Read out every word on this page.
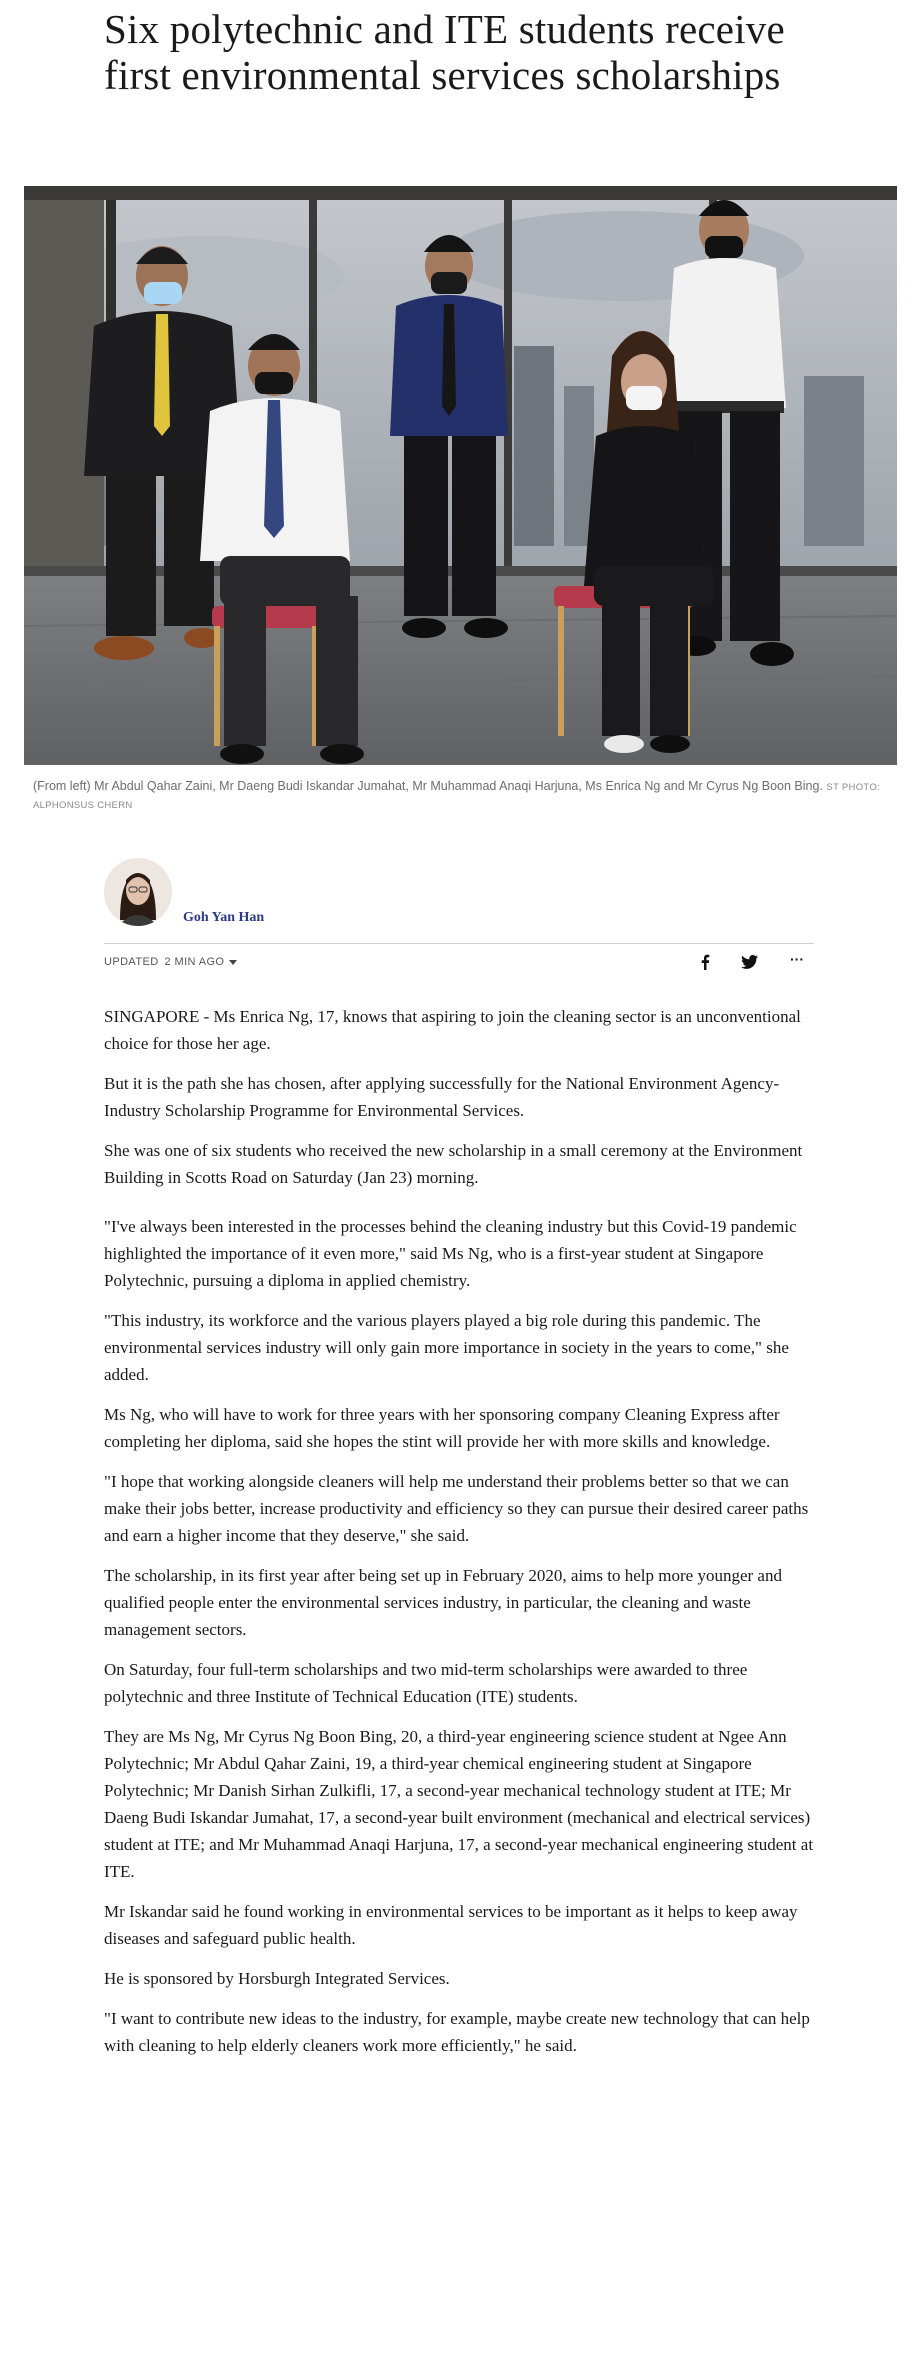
Six polytechnic and ITE students receive first environmental services scholarships
(From left) Mr Abdul Qahar Zaini, Mr Daeng Budi Iskandar Jumahat, Mr Muhammad Anaqi Harjuna, Ms Enrica Ng and Mr Cyrus Ng Boon Bing. ST PHOTO: ALPHONSUS CHERN
Goh Yan Han
UPDATED 2 MIN AGO	···

SINGAPORE - Ms Enrica Ng, 17, knows that aspiring to join the cleaning sector is an unconventional choice for those her age.

But it is the path she has chosen, after applying successfully for the National Environment Agency-Industry Scholarship Programme for Environmental Services.

She was one of six students who received the new scholarship in a small ceremony at the Environment Building in Scotts Road on Saturday (Jan 23) morning.

"I've always been interested in the processes behind the cleaning industry but this Covid-19 pandemic highlighted the importance of it even more," said Ms Ng, who is a first-year student at Singapore Polytechnic, pursuing a diploma in applied chemistry.

"This industry, its workforce and the various players played a big role during this pandemic. The environmental services industry will only gain more importance in society in the years to come," she added.

Ms Ng, who will have to work for three years with her sponsoring company Cleaning Express after completing her diploma, said she hopes the stint will provide her with more skills and knowledge.

"I hope that working alongside cleaners will help me understand their problems better so that we can make their jobs better, increase productivity and efficiency so they can pursue their desired career paths and earn a higher income that they deserve," she said.

The scholarship, in its first year after being set up in February 2020, aims to help more younger and qualified people enter the environmental services industry, in particular, the cleaning and waste management sectors.

On Saturday, four full-term scholarships and two mid-term scholarships were awarded to three polytechnic and three Institute of Technical Education (ITE) students.

They are Ms Ng, Mr Cyrus Ng Boon Bing, 20, a third-year engineering science student at Ngee Ann Polytechnic; Mr Abdul Qahar Zaini, 19, a third-year chemical engineering student at Singapore Polytechnic; Mr Danish Sirhan Zulkifli, 17, a second-year mechanical technology student at ITE; Mr Daeng Budi Iskandar Jumahat, 17, a second-year built environment (mechanical and electrical services) student at ITE; and Mr Muhammad Anaqi Harjuna, 17, a second-year mechanical engineering student at ITE.

Mr Iskandar said he found working in environmental services to be important as it helps to keep away diseases and safeguard public health.

He is sponsored by Horsburgh Integrated Services.

"I want to contribute new ideas to the industry, for example, maybe create new technology that can help with cleaning to help elderly cleaners work more efficiently," he said.
